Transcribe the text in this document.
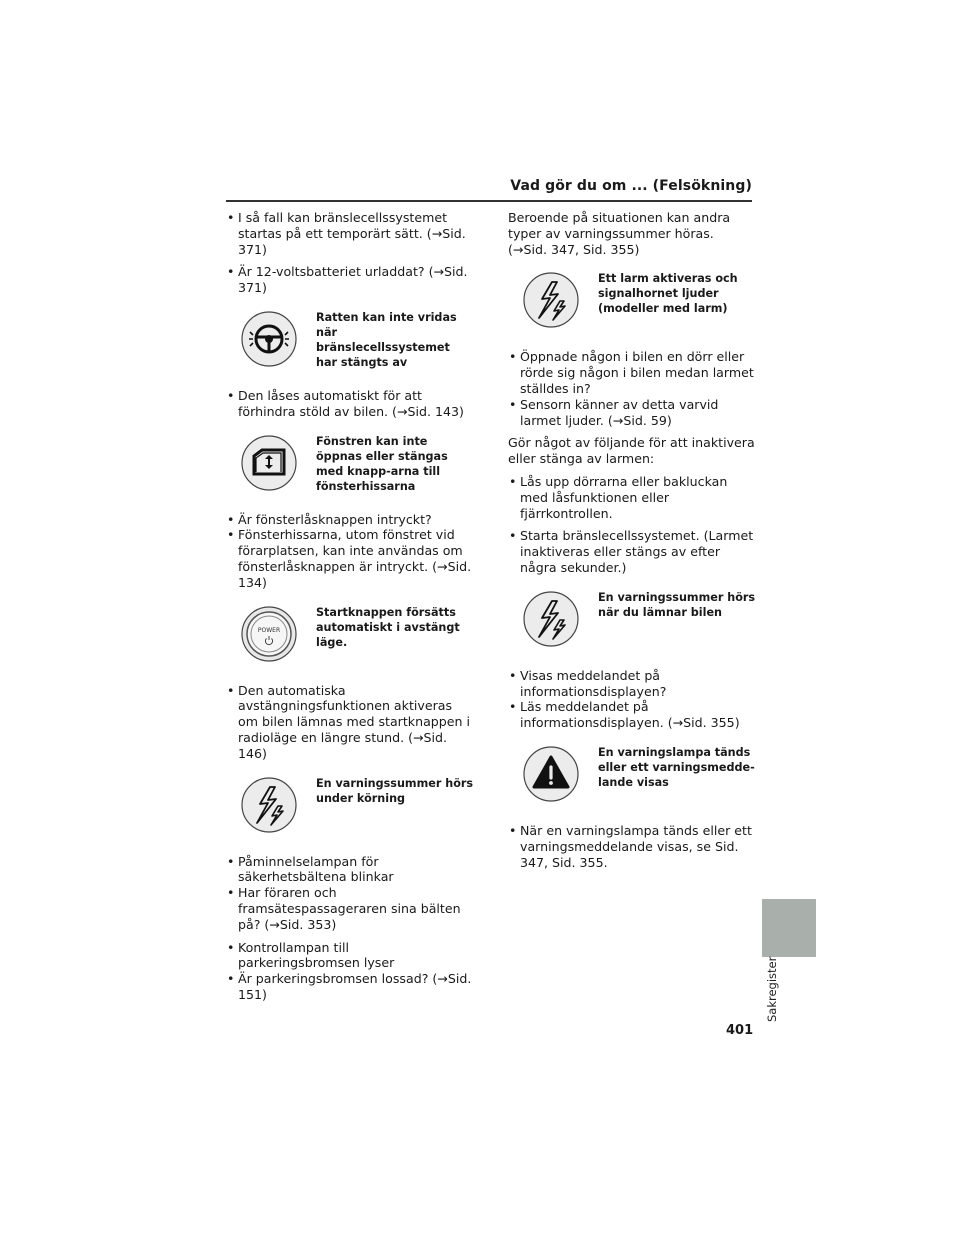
Vad gör du om ... (Felsökning)
• I så fall kan bränslecellssystemet startas på ett temporärt sätt. (→Sid. 371)
• Är 12-voltsbatteriet urladdat? (→Sid. 371)
Ratten kan inte vridas när bränslecellssystemet har stängts av
• Den låses automatiskt för att förhindra stöld av bilen. (→Sid. 143)
Fönstren kan inte öppnas eller stängas med knapp-arna till fönsterhissarna
• Är fönsterlåsknappen intryckt?
• Fönsterhissarna, utom fönstret vid förarplatsen, kan inte användas om fönsterlåsknappen är intryckt. (→Sid. 134)
POWER
Startknappen försätts automatiskt i avstängt läge.
• Den automatiska avstängningsfunktionen aktiveras om bilen lämnas med startknappen i radioläge en längre stund. (→Sid. 146)
En varningssummer hörs under körning
• Påminnelselampan för säkerhetsbältena blinkar
• Har föraren och framsätespassageraren sina bälten på? (→Sid. 353)
• Kontrollampan till parkeringsbromsen lyser
• Är parkeringsbromsen lossad? (→Sid. 151)

Beroende på situationen kan andra typer av varningssummer höras. (→Sid. 347, Sid. 355)

Ett larm aktiveras och signalhornet ljuder (modeller med larm)
• Öppnade någon i bilen en dörr eller rörde sig någon i bilen medan larmet ställdes in?
• Sensorn känner av detta varvid larmet ljuder. (→Sid. 59)

Gör något av följande för att inaktivera eller stänga av larmen:

• Lås upp dörrarna eller bakluckan med låsfunktionen eller fjärrkontrollen.
• Starta bränslecellssystemet. (Larmet inaktiveras eller stängs av efter några sekunder.)
En varningssummer hörs när du lämnar bilen
• Visas meddelandet på informationsdisplayen?
• Läs meddelandet på informationsdisplayen. (→Sid. 355)
En varningslampa tänds eller ett varningsmedde-lande visas
• När en varningslampa tänds eller ett varningsmeddelande visas, se Sid. 347, Sid. 355.
Sakregister
401
